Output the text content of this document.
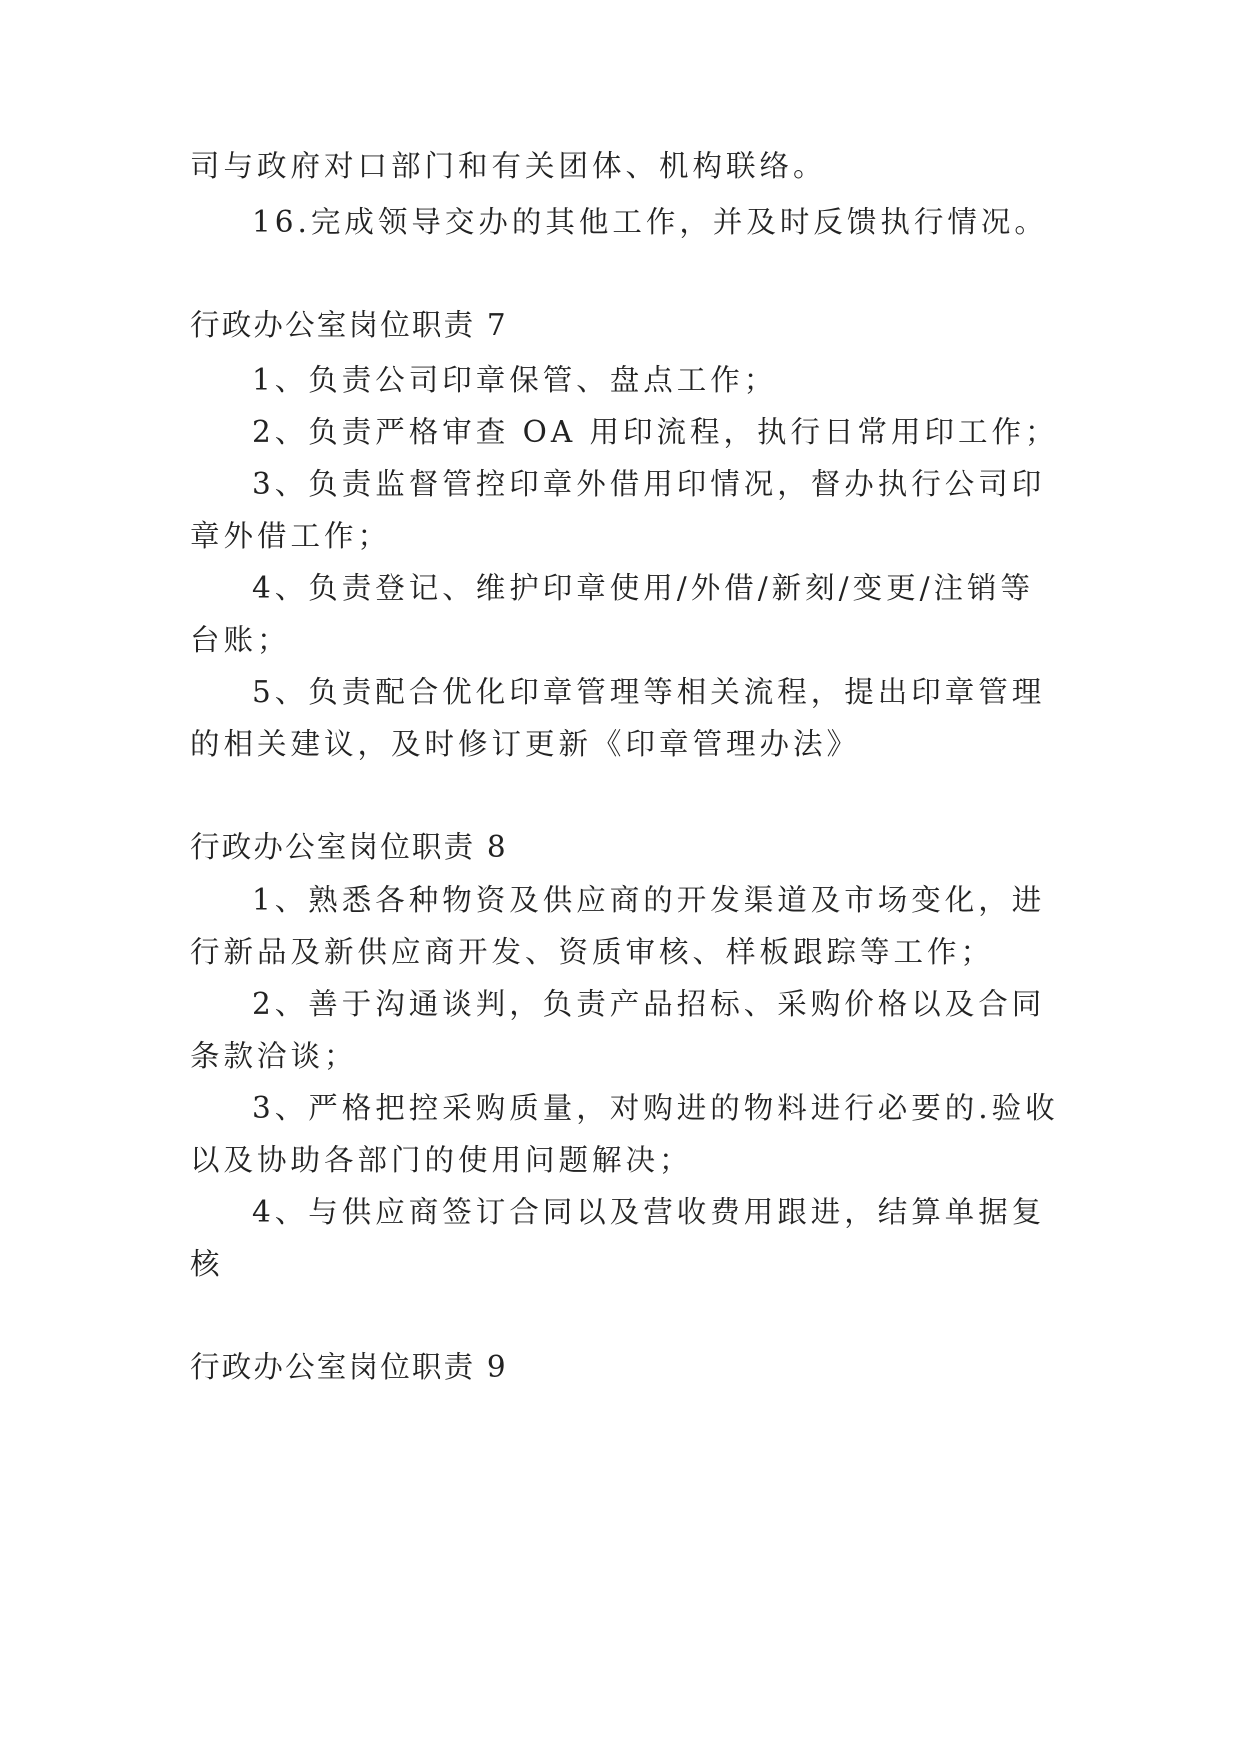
司与政府对口部门和有关团体、机构联络。
16.完成领导交办的其他工作，并及时反馈执行情况。
行政办公室岗位职责 7
1、负责公司印章保管、盘点工作；
2、负责严格审查 OA 用印流程，执行日常用印工作；
3、负责监督管控印章外借用印情况，督办执行公司印
章外借工作；
4、负责登记、维护印章使用/外借/新刻/变更/注销等
台账；
5、负责配合优化印章管理等相关流程，提出印章管理
的相关建议，及时修订更新《印章管理办法》
行政办公室岗位职责 8
1、熟悉各种物资及供应商的开发渠道及市场变化，进
行新品及新供应商开发、资质审核、样板跟踪等工作；
2、善于沟通谈判，负责产品招标、采购价格以及合同
条款洽谈；
3、严格把控采购质量，对购进的物料进行必要的.验收
以及协助各部门的使用问题解决；
4、与供应商签订合同以及营收费用跟进，结算单据复
核
行政办公室岗位职责 9
